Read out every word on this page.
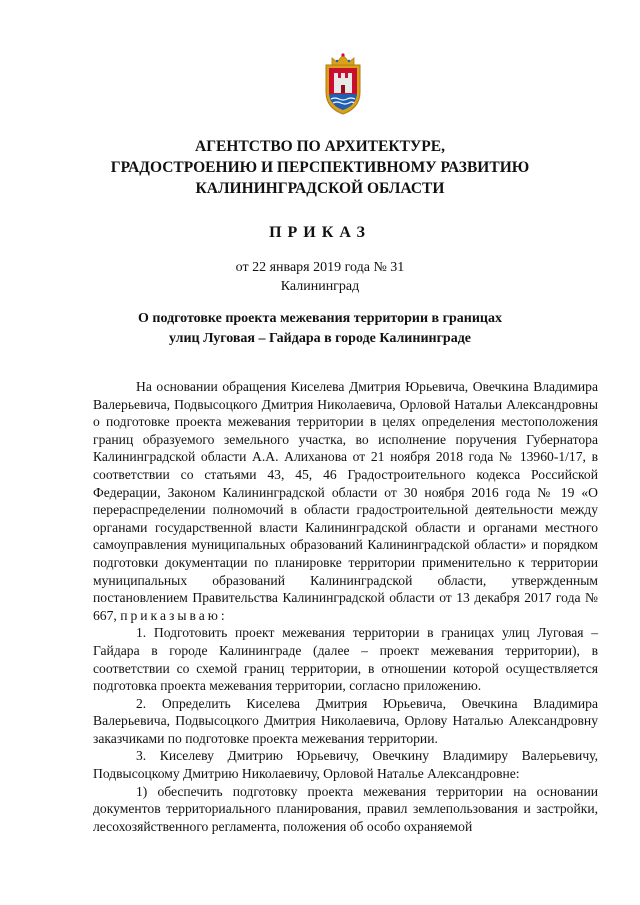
АГЕНТСТВО ПО АРХИТЕКТУРЕ,
ГРАДОСТРОЕНИЮ И ПЕРСПЕКТИВНОМУ РАЗВИТИЮ
КАЛИНИНГРАДСКОЙ ОБЛАСТИ
ПРИКАЗ
от 22 января 2019 года № 31
Калининград
О подготовке проекта межевания территории в границах
улиц Луговая – Гайдара в городе Калининграде

На основании обращения Киселева Дмитрия Юрьевича, Овечкина Владимира Валерьевича, Подвысоцкого Дмитрия Николаевича, Орловой Натальи Александровны о подготовке проекта межевания территории в целях определения местоположения границ образуемого земельного участка, во исполнение поручения Губернатора Калининградской области А.А. Алиханова от 21 ноября 2018 года № 13960-1/17, в соответствии со статьями 43, 45, 46 Градостроительного кодекса Российской Федерации, Законом Калининградской области от 30 ноября 2016 года № 19 «О перераспределении полномочий в области градостроительной деятельности между органами государственной власти Калининградской области и органами местного самоуправления муниципальных образований Калининградской области» и порядком подготовки документации по планировке территории применительно к территории муниципальных образований Калининградской области, утвержденным постановлением Правительства Калининградской области от 13 декабря 2017 года № 667, приказываю:

1. Подготовить проект межевания территории в границах улиц Луговая – Гайдара в городе Калининграде (далее – проект межевания территории), в соответствии со схемой границ территории, в отношении которой осуществляется подготовка проекта межевания территории, согласно приложению.

2. Определить Киселева Дмитрия Юрьевича, Овечкина Владимира Валерьевича, Подвысоцкого Дмитрия Николаевича, Орлову Наталью Александровну заказчиками по подготовке проекта межевания территории.

3. Киселеву Дмитрию Юрьевичу, Овечкину Владимиру Валерьевичу, Подвысоцкому Дмитрию Николаевичу, Орловой Наталье Александровне:

1) обеспечить подготовку проекта межевания территории на основании документов территориального планирования, правил землепользования и застройки, лесохозяйственного регламента, положения об особо охраняемой
